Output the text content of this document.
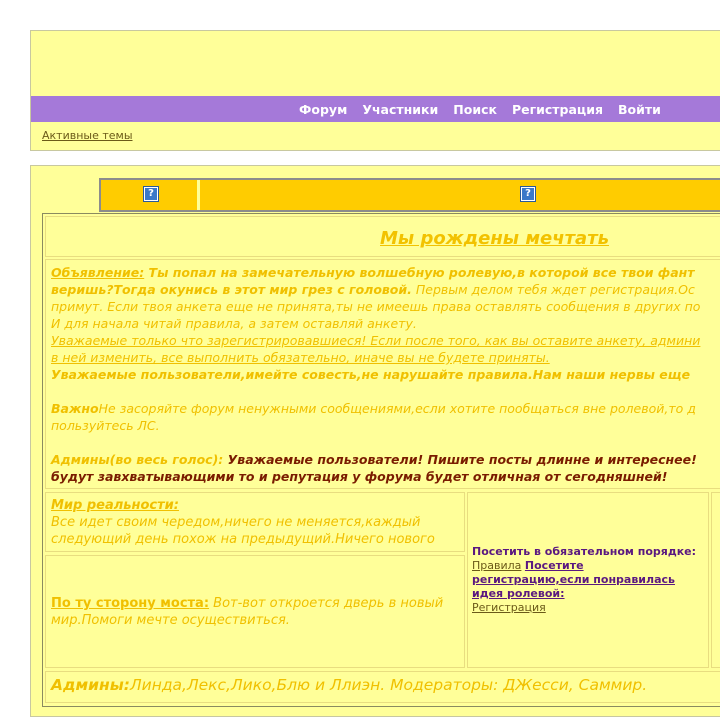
Форум Участники Поиск Регистрация Войти
Активные темы
?	?
Мы рождены мечтать
Объявление: Ты попал на замечательную волшебную ролевую,в которой все твои фант
веришь?Тогда окунись в этот мир грез с головой. Первым делом тебя ждет регистрация.Ос
примут. Если твоя анкета еще не принята,ты не имеешь права оставлять сообщения в других по
И для начала читай правила, а затем оставляй анкету.
Уважаемые только что зарегистрировавшиеся! Если после того, как вы оставите анкету, админи
в ней изменить, все выполнить обязательно, иначе вы не будете приняты.
Уважаемые пользователи,имейте совесть,не нарушайте правила.Нам наши нервы еще
ВажноНе засоряйте форум ненужными сообщениями,если хотите пообщаться вне ролевой,то д
пользуйтесь ЛС.
Админы(во весь голос): Уважаемые пользователи! Пишите посты длинне и интереснее!
будут завхватывающими то и репутация у форума будет отличная от сегодняшней!
Мир реальности:
Все идет своим чередом,ничего не меняется,каждый
следующий день похож на предыдущий.Ничего нового
По ту сторону моста: Вот-вот откроется дверь в новый
мир.Помоги мечте осуществиться.
Посетить в обязательном порядке:
Правила Посетите
регистрацию,если понравилась
идея ролевой:
Регистрация
Админы:Линда,Лекс,Лико,Блю и Ллиэн. Модераторы: ДЖесси, Саммир.
